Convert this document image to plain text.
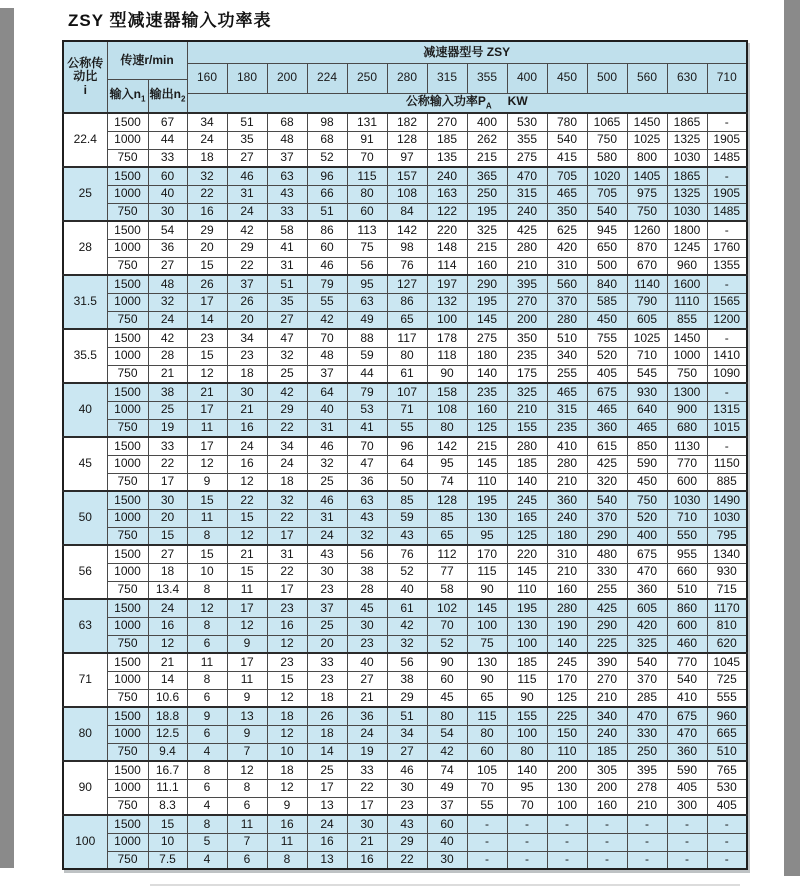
ZSY 型减速器输入功率表
公称传动比
i	传速r/min		减速器型号 ZSY													
			160	180	200	224	250	280	315	355	400	450	500	560	630	710
	输入$n_1$	输出$n_2$
			公称输入功率$P_A$ KW													
22.4	1500	67	34	51	68	98	131	182	270	400	530	780	1065	1450	1865	-
	1000	44	24	35	48	68	91	128	185	262	355	540	750	1025	1325	1905
	750	33	18	27	37	52	70	97	135	215	275	415	580	800	1030	1485
25	1500	60	32	46	63	96	115	157	240	365	470	705	1020	1405	1865	-
	1000	40	22	31	43	66	80	108	163	250	315	465	705	975	1325	1905
	750	30	16	24	33	51	60	84	122	195	240	350	540	750	1030	1485
28	1500	54	29	42	58	86	113	142	220	325	425	625	945	1260	1800	-
	1000	36	20	29	41	60	75	98	148	215	280	420	650	870	1245	1760
	750	27	15	22	31	46	56	76	114	160	210	310	500	670	960	1355
31.5	1500	48	26	37	51	79	95	127	197	290	395	560	840	1140	1600	-
	1000	32	17	26	35	55	63	86	132	195	270	370	585	790	1110	1565
	750	24	14	20	27	42	49	65	100	145	200	280	450	605	855	1200
35.5	1500	42	23	34	47	70	88	117	178	275	350	510	755	1025	1450	-
	1000	28	15	23	32	48	59	80	118	180	235	340	520	710	1000	1410
	750	21	12	18	25	37	44	61	90	140	175	255	405	545	750	1090
40	1500	38	21	30	42	64	79	107	158	235	325	465	675	930	1300	-
	1000	25	17	21	29	40	53	71	108	160	210	315	465	640	900	1315
	750	19	11	16	22	31	41	55	80	125	155	235	360	465	680	1015
45	1500	33	17	24	34	46	70	96	142	215	280	410	615	850	1130	-
	1000	22	12	16	24	32	47	64	95	145	185	280	425	590	770	1150
	750	17	9	12	18	25	36	50	74	110	140	210	320	450	600	885
50	1500	30	15	22	32	46	63	85	128	195	245	360	540	750	1030	1490
	1000	20	11	15	22	31	43	59	85	130	165	240	370	520	710	1030
	750	15	8	12	17	24	32	43	65	95	125	180	290	400	550	795
56	1500	27	15	21	31	43	56	76	112	170	220	310	480	675	955	1340
	1000	18	10	15	22	30	38	52	77	115	145	210	330	470	660	930
	750	13.4	8	11	17	23	28	40	58	90	110	160	255	360	510	715
63	1500	24	12	17	23	37	45	61	102	145	195	280	425	605	860	1170
	1000	16	8	12	16	25	30	42	70	100	130	190	290	420	600	810
	750	12	6	9	12	20	23	32	52	75	100	140	225	325	460	620
71	1500	21	11	17	23	33	40	56	90	130	185	245	390	540	770	1045
	1000	14	8	11	15	23	27	38	60	90	115	170	270	370	540	725
	750	10.6	6	9	12	18	21	29	45	65	90	125	210	285	410	555
80	1500	18.8	9	13	18	26	36	51	80	115	155	225	340	470	675	960
	1000	12.5	6	9	12	18	24	34	54	80	100	150	240	330	470	665
	750	9.4	4	7	10	14	19	27	42	60	80	110	185	250	360	510
90	1500	16.7	8	12	18	25	33	46	74	105	140	200	305	395	590	765
	1000	11.1	6	8	12	17	22	30	49	70	95	130	200	278	405	530
	750	8.3	4	6	9	13	17	23	37	55	70	100	160	210	300	405
100	1500	15	8	11	16	24	30	43	60	-	-	-	-	-	-	-
	1000	10	5	7	11	16	21	29	40	-	-	-	-	-	-	-
	750	7.5	4	6	8	13	16	22	30	-	-	-	-	-	-	-
